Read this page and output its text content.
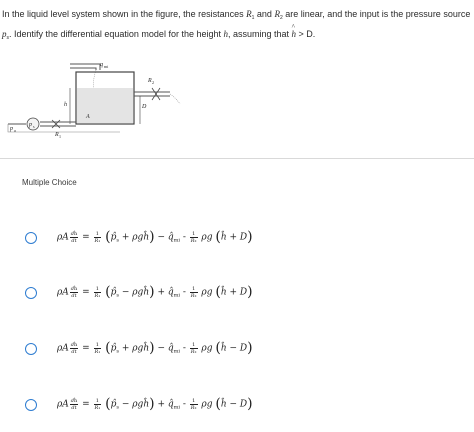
In the liquid level system shown in the figure, the resistances $R_1$ and $R_2$ are linear, and the input is the pressure source $p_s$. Identify the differential equation model for the height h, assuming that ^ h > D.
q mi
R 2
D
h
A
p s
p a
R 1
Multiple Choice
ρA $\frac{dĥ}{dt} = \frac{1}{\text{R₁}}$ ($p̂_s$ + ρgĥ) − $q̂_{mi} - \frac{1}{\text{R₂}}$ ρg (ĥ + D)
ρA $\frac{dĥ}{dt} = \frac{1}{\text{R₁}}$ ($p̂_s$ − ρgĥ) + $q̂_{mi} - \frac{1}{\text{R₂}}$ ρg (ĥ + D)
ρA $\frac{dĥ}{dt} = \frac{1}{\text{R₁}}$ ($p̂_s$ + ρgĥ) − $q̂_{mi} - \frac{1}{\text{R₂}}$ ρg (ĥ − D)
ρA $\frac{dĥ}{dt} = \frac{1}{\text{R₁}}$ ($p̂_s$ − ρgĥ) + $q̂_{mi} - \frac{1}{\text{R₂}}$ ρg (ĥ − D)
